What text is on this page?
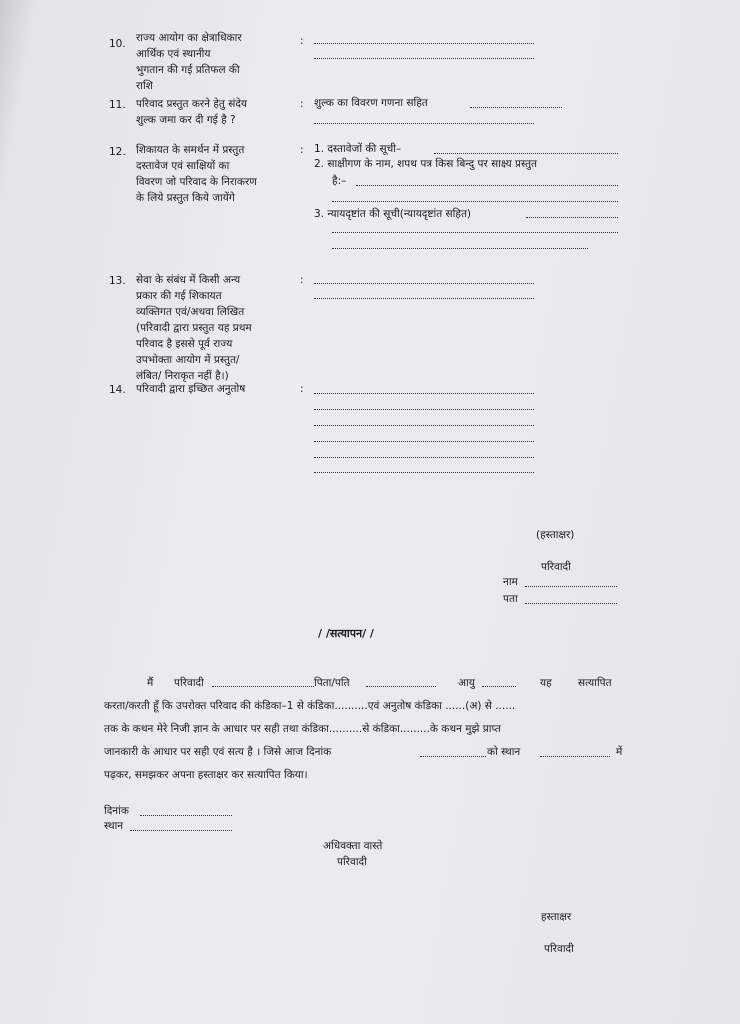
10. राज्य आयोग का क्षेत्राधिकार
आर्थिक एवं स्थानीय
भुगतान की गई प्रतिफल की
राशि
:
11. परिवाद प्रस्तुत करने हेतु संदेय
शुल्क जमा कर दी गई है ?
: शुल्क का विवरण गणना सहित
12. शिकायत के समर्थन में प्रस्तुत
दस्तावेज एवं साक्षियों का
विवरण जो परिवाद के निराकरण
के लिये प्रस्तुत किये जायेंगे
: 1. दस्तावेजों की सूची–
2. साक्षीगण के नाम, शपथ पत्र किस बिन्दु पर साक्ष्य प्रस्तुत
है:–
3. न्यायदृष्टांत की सूची(न्यायदृष्टांत सहित)
13. सेवा के संबंध में किसी अन्य
प्रकार की गई शिकायत
व्यक्तिगत एवं/अथवा लिखित
(परिवादी द्वारा प्रस्तुत यह प्रथम
परिवाद है इससे पूर्व राज्य
उपभोक्ता आयोग में प्रस्तुत/
लंबित/ निराकृत नहीं है।)
:
14. परिवादी द्वारा इच्छित अनुतोष	:
(हस्ताक्षर)
परिवादी
नाम
पता
/ /सत्यापन/ /
मैं परिवादी	पिता/पति	आयु	यह	सत्यापित
करता/करती हूँ कि उपरोक्त परिवाद की कंडिका–1 से कंडिका..........एवं अनुतोष कंडिका ......(अ) से ......
तक के कथन मेरे निजी ज्ञान के आधार पर सही तथा कंडिका..........से कंडिका.........के कथन मुझे प्राप्त
जानकारी के आधार पर सही एवं सत्य है । जिसे आज दिनांक	को स्थान	में
पढ़कर, समझकर अपना हस्ताक्षर कर सत्यापित किया।
दिनांक
स्थान
अधिवक्ता वास्ते
परिवादी
हस्ताक्षर
परिवादी
